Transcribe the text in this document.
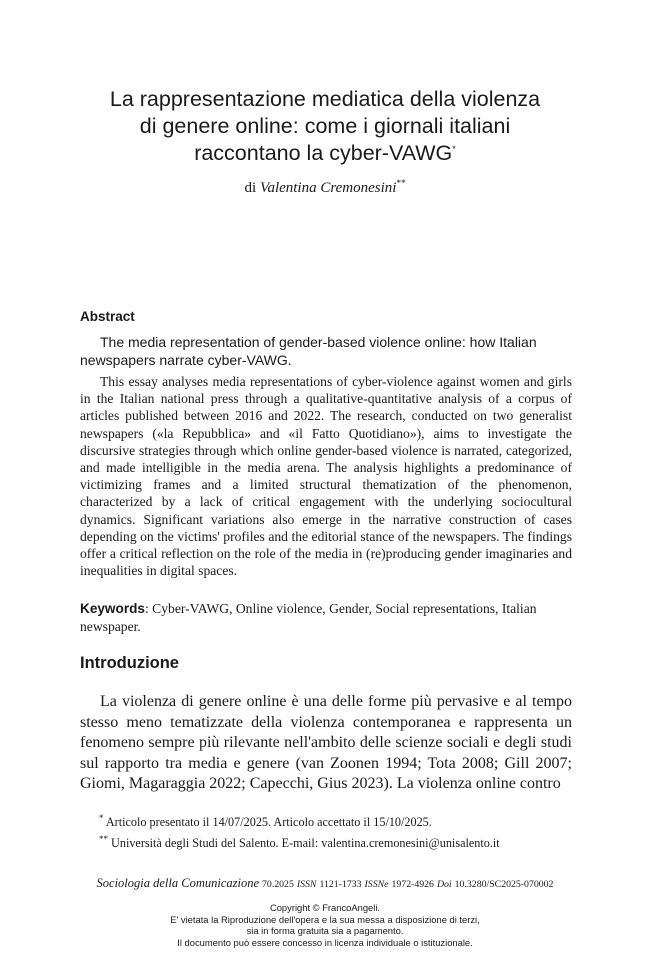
La rappresentazione mediatica della violenza
di genere online: come i giornali italiani
raccontano la cyber-VAWG*
di Valentina Cremonesini**
Abstract
The media representation of gender-based violence online: how Italian newspapers narrate cyber-VAWG.

This essay analyses media representations of cyber-violence against women and girls in the Italian national press through a qualitative-quantitative analysis of a corpus of articles published between 2016 and 2022. The research, conducted on two generalist newspapers («la Repubblica» and «il Fatto Quotidiano»), aims to investigate the discursive strategies through which online gender-based violence is narrated, categorized, and made intelligible in the media arena. The analysis highlights a predominance of victimizing frames and a limited structural thematization of the phenomenon, characterized by a lack of critical engagement with the underlying sociocultural dynamics. Significant variations also emerge in the narrative construction of cases depending on the victims' profiles and the editorial stance of the newspapers. The findings offer a critical reflection on the role of the media in (re)producing gender imaginaries and inequalities in digital spaces.

Keywords: Cyber-VAWG, Online violence, Gender, Social representations, Italian newspaper.
Introduzione

La violenza di genere online è una delle forme più pervasive e al tempo stesso meno tematizzate della violenza contemporanea e rappresenta un fenomeno sempre più rilevante nell'ambito delle scienze sociali e degli studi sul rapporto tra media e genere (van Zoonen 1994; Tota 2008; Gill 2007; Giomi, Magaraggia 2022; Capecchi, Gius 2023). La violenza online contro

* Articolo presentato il 14/07/2025. Articolo accettato il 15/10/2025.
** Università degli Studi del Salento. E-mail: valentina.cremonesini@unisalento.it
Sociologia della Comunicazione 70.2025 ISSN 1121-1733 ISSNe 1972-4926 Doi 10.3280/SC2025-070002
Copyright © FrancoAngeli.
E' vietata la Riproduzione dell'opera e la sua messa a disposizione di terzi,
sia in forma gratuita sia a pagamento.
Il documento può essere concesso in licenza individuale o istituzionale.
